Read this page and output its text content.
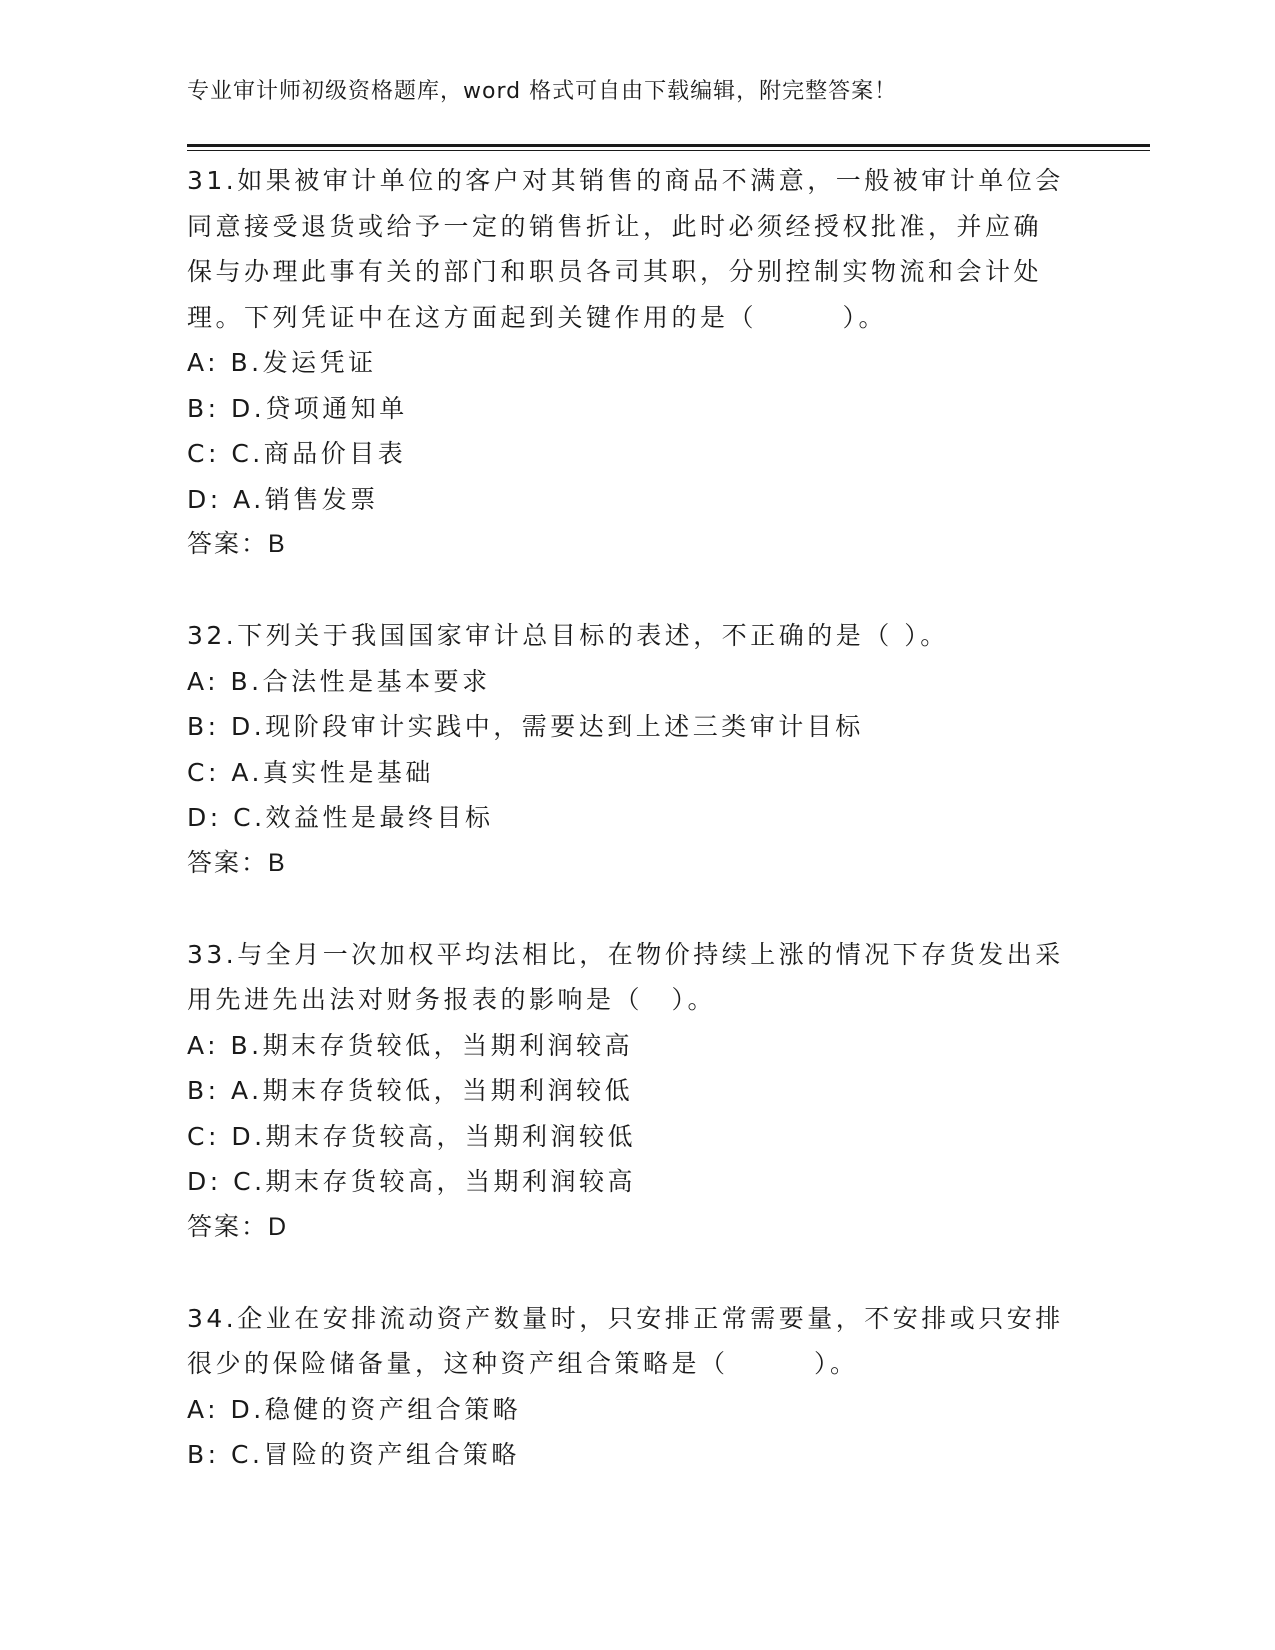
专业审计师初级资格题库，word 格式可自由下载编辑，附完整答案！
31.如果被审计单位的客户对其销售的商品不满意，一般被审计单位会
同意接受退货或给予一定的销售折让，此时必须经授权批准，并应确
保与办理此事有关的部门和职员各司其职，分别控制实物流和会计处
理。下列凭证中在这方面起到关键作用的是（　　　）。
A: B.发运凭证
B: D.贷项通知单
C: C.商品价目表
D: A.销售发票
答案：B
32.下列关于我国国家审计总目标的表述，不正确的是（ ）。
A: B.合法性是基本要求
B: D.现阶段审计实践中，需要达到上述三类审计目标
C: A.真实性是基础
D: C.效益性是最终目标
答案：B
33.与全月一次加权平均法相比，在物价持续上涨的情况下存货发出采
用先进先出法对财务报表的影响是（　）。
A: B.期末存货较低，当期利润较高
B: A.期末存货较低，当期利润较低
C: D.期末存货较高，当期利润较低
D: C.期末存货较高，当期利润较高
答案：D
34.企业在安排流动资产数量时，只安排正常需要量，不安排或只安排
很少的保险储备量，这种资产组合策略是（　　　）。
A: D.稳健的资产组合策略
B: C.冒险的资产组合策略
